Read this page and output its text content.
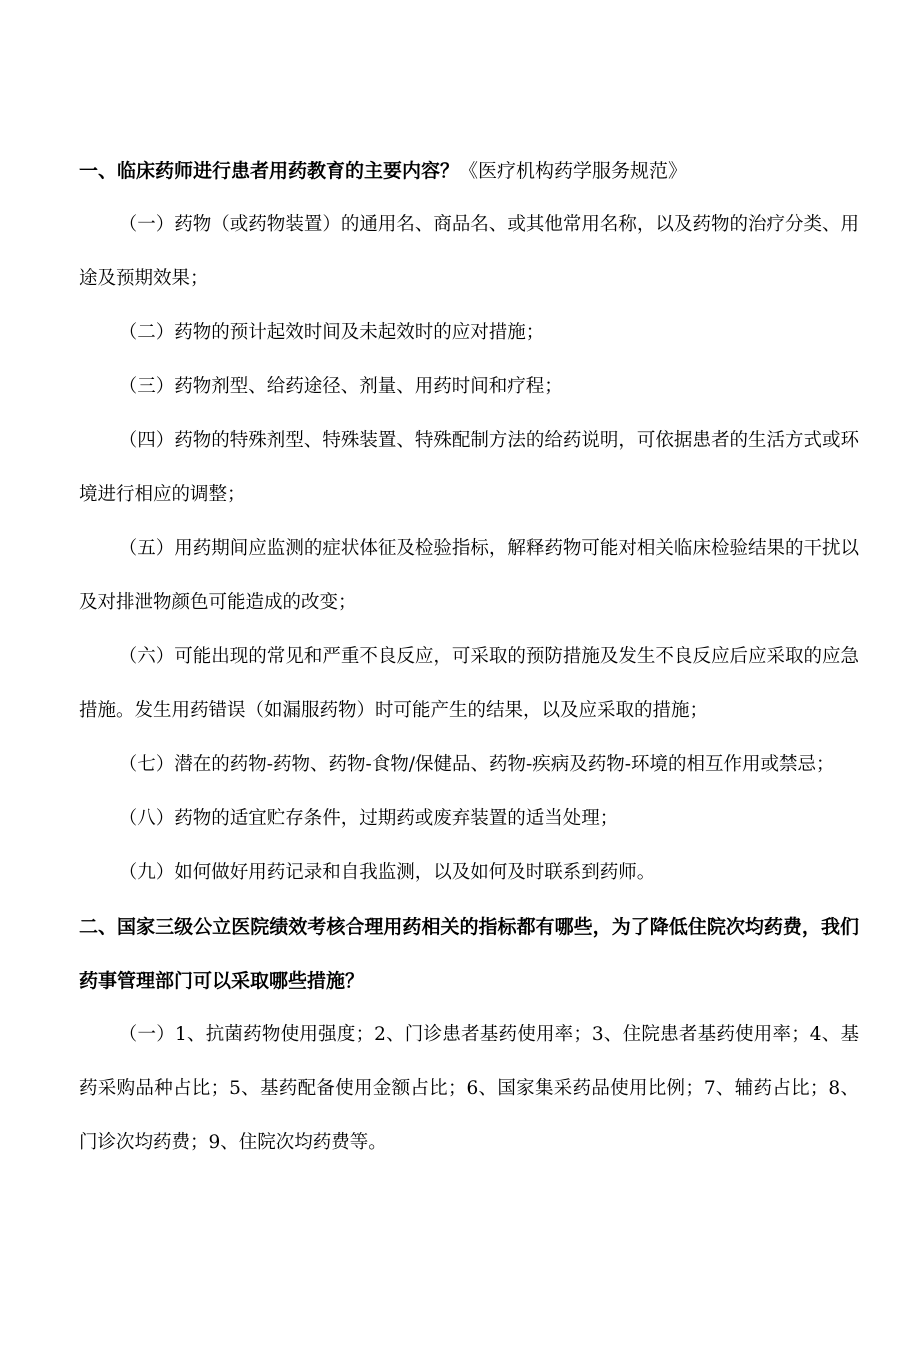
一、临床药师进行患者用药教育的主要内容？《医疗机构药学服务规范》

（一）药物（或药物装置）的通用名、商品名、或其他常用名称，以及药物的治疗分类、用途及预期效果；

（二）药物的预计起效时间及未起效时的应对措施；

（三）药物剂型、给药途径、剂量、用药时间和疗程；

（四）药物的特殊剂型、特殊装置、特殊配制方法的给药说明，可依据患者的生活方式或环境进行相应的调整；

（五）用药期间应监测的症状体征及检验指标，解释药物可能对相关临床检验结果的干扰以及对排泄物颜色可能造成的改变；

（六）可能出现的常见和严重不良反应，可采取的预防措施及发生不良反应后应采取的应急措施。发生用药错误（如漏服药物）时可能产生的结果，以及应采取的措施；

（七）潜在的药物-药物、药物-食物/保健品、药物-疾病及药物-环境的相互作用或禁忌；

（八）药物的适宜贮存条件，过期药或废弃装置的适当处理；

（九）如何做好用药记录和自我监测，以及如何及时联系到药师。

二、国家三级公立医院绩效考核合理用药相关的指标都有哪些，为了降低住院次均药费，我们药事管理部门可以采取哪些措施？

（一）1、抗菌药物使用强度；2、门诊患者基药使用率；3、住院患者基药使用率；4、基药采购品种占比；5、基药配备使用金额占比；6、国家集采药品使用比例；7、辅药占比；8、门诊次均药费；9、住院次均药费等。
